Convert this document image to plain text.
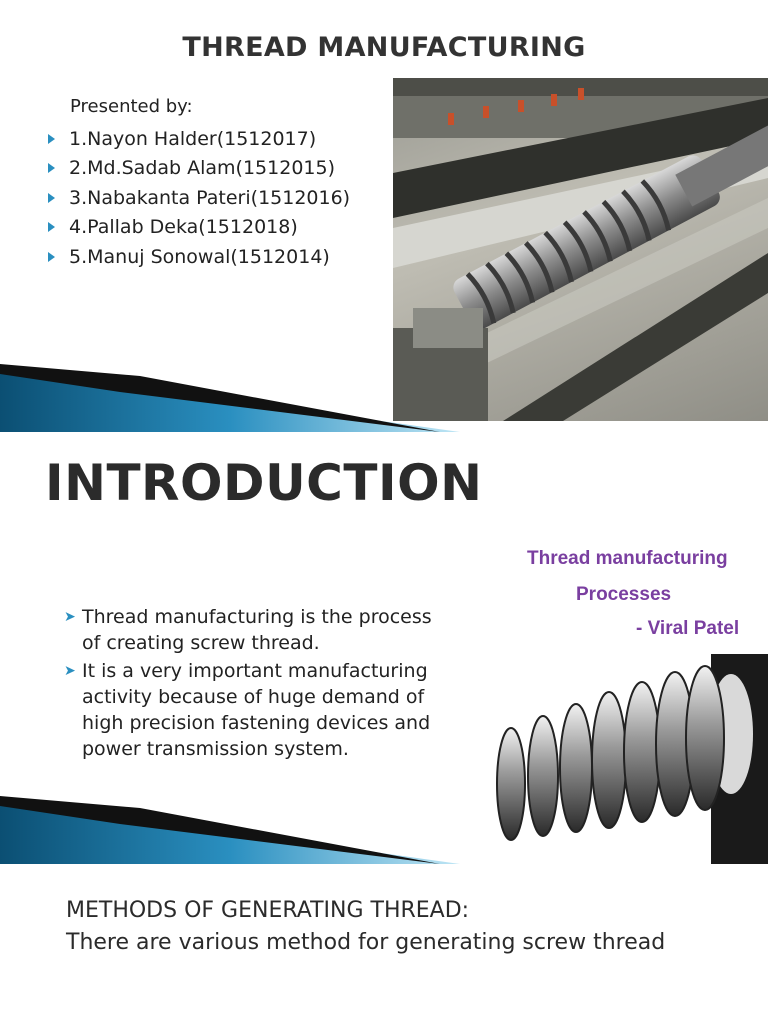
THREAD MANUFACTURING
Presented by:
1.Nayon Halder(1512017)
2.Md.Sadab Alam(1512015)
3.Nabakanta Pateri(1512016)
4.Pallab Deka(1512018)
5.Manuj Sonowal(1512014)
INTRODUCTION
➤ Thread manufacturing is the process of creating screw thread.
➤ It is a very important manufacturing activity because of huge demand of high precision fastening devices and power transmission system.
Thread manufacturing
Processes
- Viral Patel
METHODS OF GENERATING THREAD:
There are various method for generating screw thread
